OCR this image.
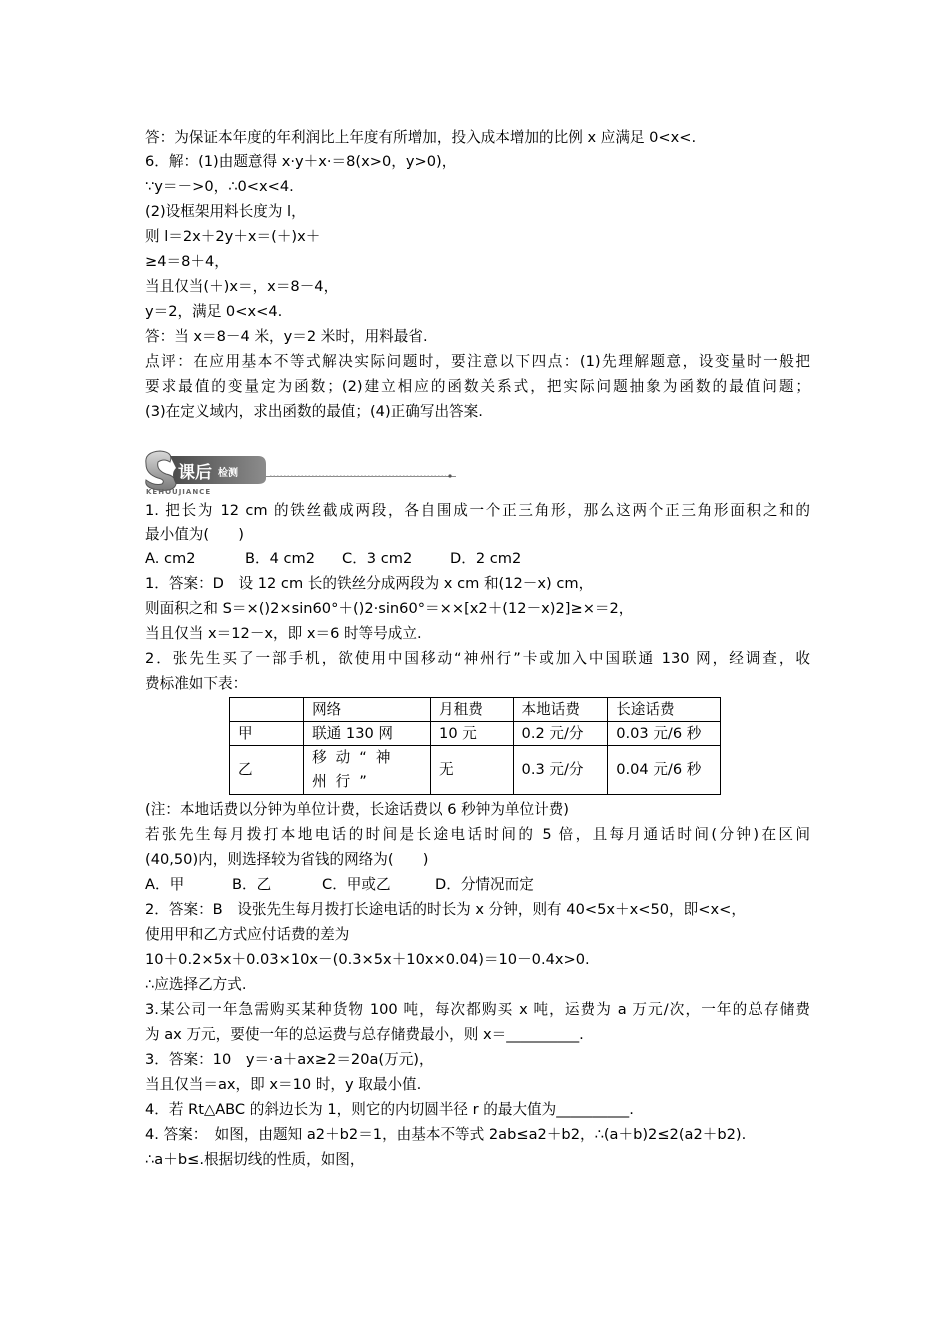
答：为保证本年度的年利润比上年度有所增加，投入成本增加的比例 x 应满足 0<x<.
6．解：(1)由题意得 x·y＋x·＝8(x>0，y>0)，
∵y＝－>0，∴0<x<4.
(2)设框架用料长度为 l，
则 l＝2x＋2y＋x＝(＋)x＋
≥4＝8＋4，
当且仅当(＋)x＝，x＝8－4，
y＝2，满足 0<x<4.
答：当 x＝8－4 米，y＝2 米时，用料最省.
点评：在应用基本不等式解决实际问题时，要注意以下四点：(1)先理解题意，设变量时一般把
要求最值的变量定为函数；(2)建立相应的函数关系式，把实际问题抽象为函数的最值问题；
(3)在定义域内，求出函数的最值；(4)正确写出答案.
KEHOUJIANCE
课后 检测
1. 把长为 12 cm 的铁丝截成两段，各自围成一个正三角形，那么这两个正三角形面积之和的
最小值为(　　)
A. cm2	B．4 cm2 C．3 cm2	D．2 cm2
1．答案：D　设 12 cm 长的铁丝分成两段为 x cm 和(12－x) cm，
则面积之和 S＝×()2×sin60°＋()2·sin60°＝××[x2＋(12－x)2]≥×＝2，
当且仅当 x＝12－x，即 x＝6 时等号成立.
2．张先生买了一部手机，欲使用中国移动“神州行”卡或加入中国联通 130 网，经调查，收
费标准如下表：
	网络	月租费	本地话费	长途话费
甲	联通 130 网	10 元	0.2 元/分	0.03 元/6 秒
乙	移动“神州行”	无	0.3 元/分	0.04 元/6 秒
(注：本地话费以分钟为单位计费，长途话费以 6 秒钟为单位计费)
若张先生每月拨打本地电话的时间是长途电话时间的 5 倍，且每月通话时间(分钟)在区间
(40,50)内，则选择较为省钱的网络为(　　)
A．甲	B．乙	C．甲或乙	D．分情况而定
2．答案：B　设张先生每月拨打长途电话的时长为 x 分钟，则有 40<5x＋x<50，即<x<，
使用甲和乙方式应付话费的差为
10＋0.2×5x＋0.03×10x－(0.3×5x＋10x×0.04)＝10－0.4x>0.
∴应选择乙方式.
3.某公司一年急需购买某种货物 100 吨，每次都购买 x 吨，运费为 a 万元/次，一年的总存储费
为 ax 万元，要使一年的总运费与总存储费最小，则 x＝__________.
3．答案：10　y＝·a＋ax≥2＝20a(万元)，
当且仅当＝ax，即 x＝10 时，y 取最小值.
4．若 Rt△ABC 的斜边长为 1，则它的内切圆半径 r 的最大值为__________.
4. 答案：　如图，由题知 a2＋b2＝1，由基本不等式 2ab≤a2＋b2，∴(a＋b)2≤2(a2＋b2).
∴a＋b≤.根据切线的性质，如图，
